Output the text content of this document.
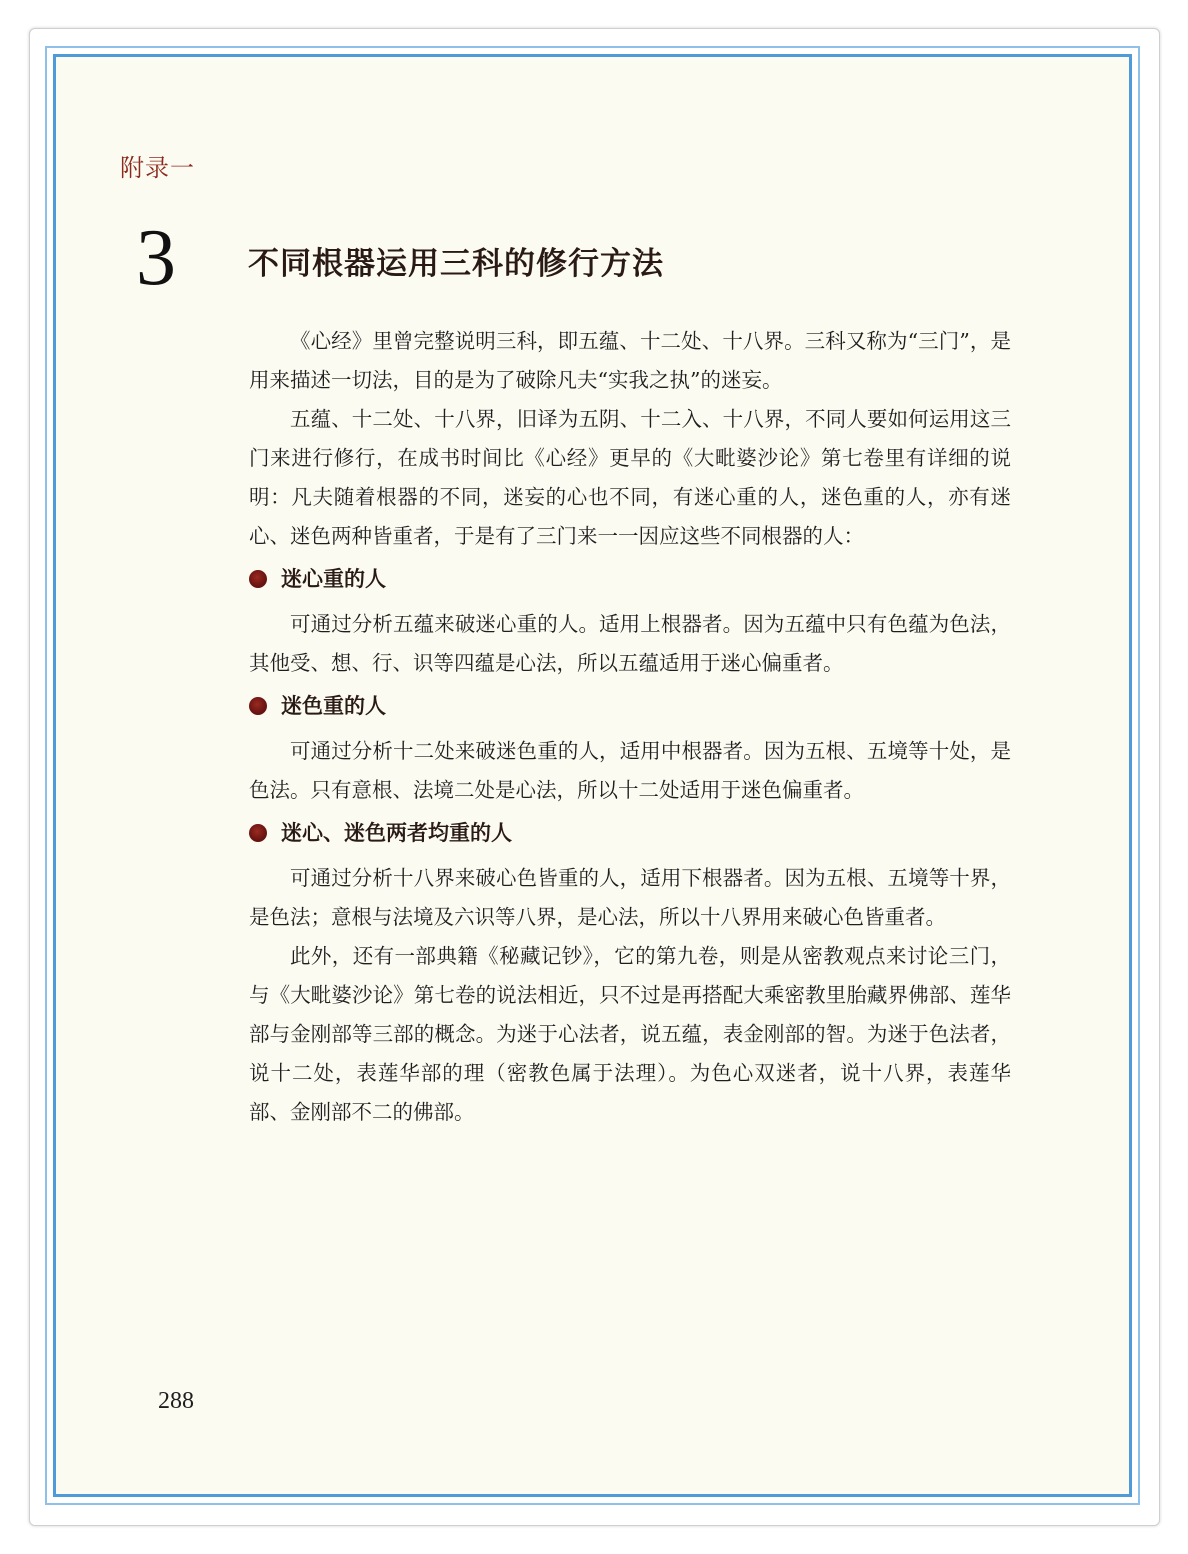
附录一
3 不同根器运用三科的修行方法

《心经》里曾完整说明三科，即五蕴、十二处、十八界。三科又称为“三门”，是用来描述一切法，目的是为了破除凡夫“实我之执”的迷妄。

五蕴、十二处、十八界，旧译为五阴、十二入、十八界，不同人要如何运用这三门来进行修行，在成书时间比《心经》更早的《大毗婆沙论》第七卷里有详细的说明：凡夫随着根器的不同，迷妄的心也不同，有迷心重的人，迷色重的人，亦有迷心、迷色两种皆重者，于是有了三门来一一因应这些不同根器的人：

迷心重的人

可通过分析五蕴来破迷心重的人。适用上根器者。因为五蕴中只有色蕴为色法，其他受、想、行、识等四蕴是心法，所以五蕴适用于迷心偏重者。

迷色重的人

可通过分析十二处来破迷色重的人，适用中根器者。因为五根、五境等十处，是色法。只有意根、法境二处是心法，所以十二处适用于迷色偏重者。

迷心、迷色两者均重的人

可通过分析十八界来破心色皆重的人，适用下根器者。因为五根、五境等十界，是色法；意根与法境及六识等八界，是心法，所以十八界用来破心色皆重者。

此外，还有一部典籍《秘藏记钞》，它的第九卷，则是从密教观点来讨论三门，与《大毗婆沙论》第七卷的说法相近，只不过是再搭配大乘密教里胎藏界佛部、莲华部与金刚部等三部的概念。为迷于心法者，说五蕴，表金刚部的智。为迷于色法者，说十二处，表莲华部的理（密教色属于法理）。为色心双迷者，说十八界，表莲华部、金刚部不二的佛部。

288
